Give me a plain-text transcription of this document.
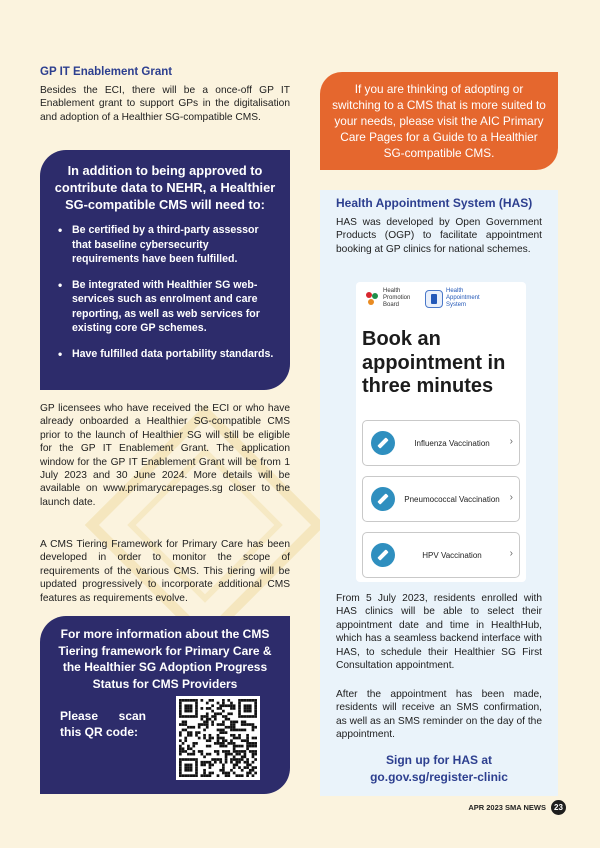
GP IT Enablement Grant

Besides the ECI, there will be a once-off GP IT Enablement grant to support GPs in the digitalisation and adoption of a Healthier SG-compatible CMS.

In addition to being approved to contribute data to NEHR, a Healthier SG-compatible CMS will need to:
• Be certified by a third-party assessor that baseline cybersecurity requirements have been fulfilled.
• Be integrated with Healthier SG web-services such as enrolment and care reporting, as well as web services for existing core GP schemes.
• Have fulfilled data portability standards.

GP licensees who have received the ECI or who have already onboarded a Healthier SG-compatible CMS prior to the launch of Healthier SG will still be eligible for the GP IT Enablement Grant. The application window for the GP IT Enablement Grant will be from 1 July 2023 and 30 June 2024. More details will be available on www.primarycarepages.sg closer to the launch date.

A CMS Tiering Framework for Primary Care has been developed in order to monitor the scope of requirements of the various CMS. This tiering will be updated progressively to incorporate additional CMS features as requirements evolve.

For more information about the CMS Tiering framework for Primary Care & the Healthier SG Adoption Progress Status for CMS Providers
Please scan this QR code:
If you are thinking of adopting or switching to a CMS that is more suited to your needs, please visit the AIC Primary Care Pages for a Guide to a Healthier SG-compatible CMS.
Health Appointment System (HAS)

HAS was developed by Open Government Products (OGP) to facilitate appointment booking at GP clinics for national schemes.

Health Promotion Board
Health Appointment System
Book an appointment in three minutes
Influenza Vaccination	›
Pneumococcal Vaccination ›
HPV Vaccination	›

From 5 July 2023, residents enrolled with HAS clinics will be able to select their appointment date and time in HealthHub, which has a seamless backend interface with HAS, to schedule their Healthier SG First Consultation appointment.

After the appointment has been made, residents will receive an SMS confirmation, as well as an SMS reminder on the day of the appointment.

Sign up for HAS at
go.gov.sg/register-clinic
APR 2023
SMA NEWS	23
